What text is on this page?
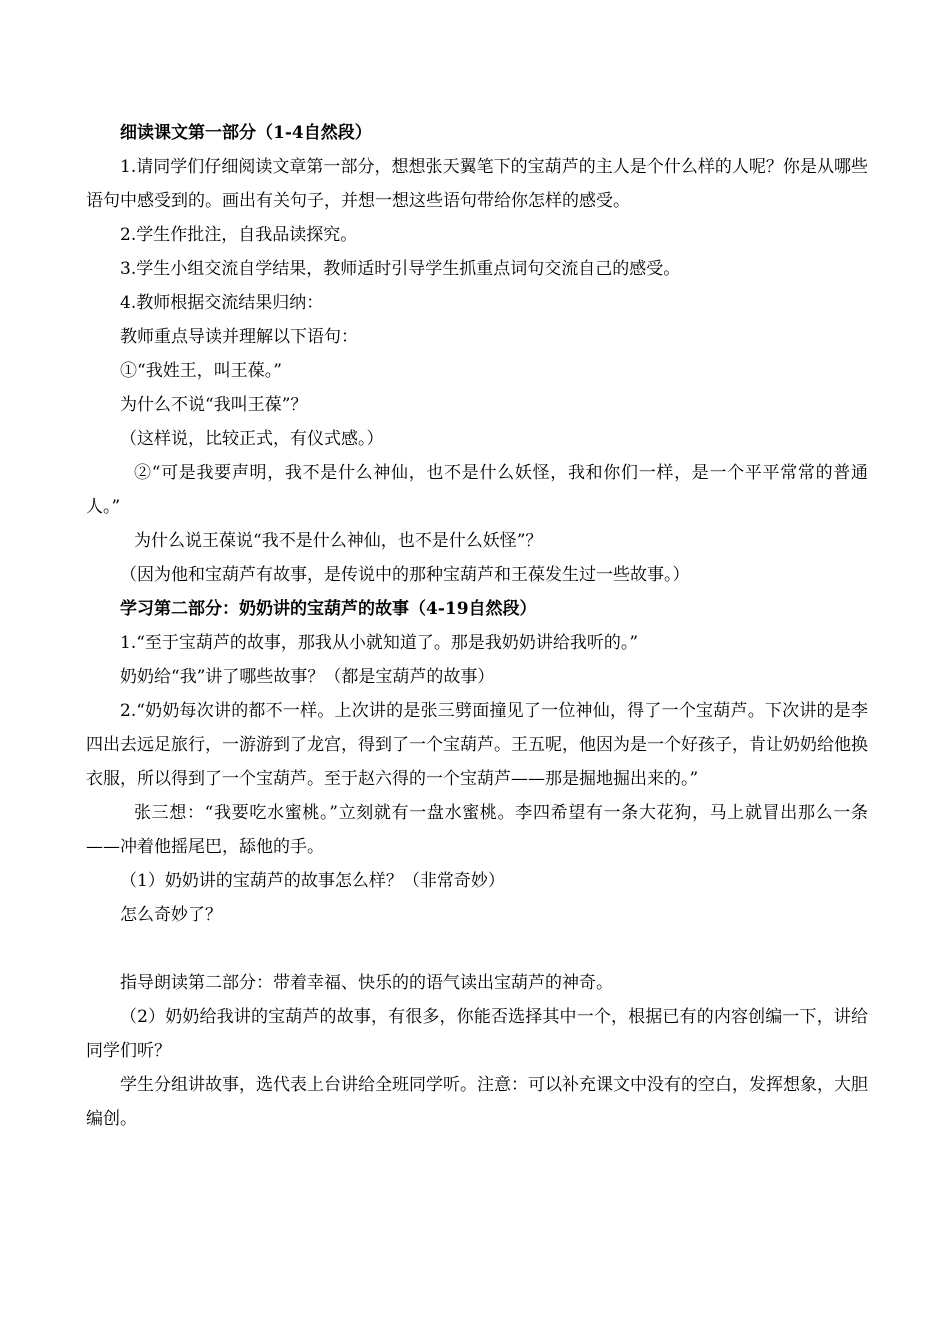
细读课文第一部分（1-4自然段）

1.请同学们仔细阅读文章第一部分，想想张天翼笔下的宝葫芦的主人是个什么样的人呢？你是从哪些语句中感受到的。画出有关句子，并想一想这些语句带给你怎样的感受。

2.学生作批注，自我品读探究。

3.学生小组交流自学结果，教师适时引导学生抓重点词句交流自己的感受。

4.教师根据交流结果归纳：

教师重点导读并理解以下语句：

①“我姓王，叫王葆。”

为什么不说“我叫王葆”？

（这样说，比较正式，有仪式感。）

②“可是我要声明，我不是什么神仙，也不是什么妖怪，我和你们一样，是一个平平常常的普通人。”

为什么说王葆说“我不是什么神仙，也不是什么妖怪”？

（因为他和宝葫芦有故事，是传说中的那种宝葫芦和王葆发生过一些故事。）

学习第二部分：奶奶讲的宝葫芦的故事（4-19自然段）

1.“至于宝葫芦的故事，那我从小就知道了。那是我奶奶讲给我听的。”

奶奶给“我”讲了哪些故事？（都是宝葫芦的故事）

2.“奶奶每次讲的都不一样。上次讲的是张三劈面撞见了一位神仙，得了一个宝葫芦。下次讲的是李四出去远足旅行，一游游到了龙宫，得到了一个宝葫芦。王五呢，他因为是一个好孩子，肯让奶奶给他换衣服，所以得到了一个宝葫芦。至于赵六得的一个宝葫芦——那是掘地掘出来的。”

张三想：“我要吃水蜜桃。”立刻就有一盘水蜜桃。李四希望有一条大花狗，马上就冒出那么一条——冲着他摇尾巴，舔他的手。

（1）奶奶讲的宝葫芦的故事怎么样？（非常奇妙）

怎么奇妙了？

指导朗读第二部分：带着幸福、快乐的的语气读出宝葫芦的神奇。

（2）奶奶给我讲的宝葫芦的故事，有很多，你能否选择其中一个，根据已有的内容创编一下，讲给同学们听？

学生分组讲故事，选代表上台讲给全班同学听。注意：可以补充课文中没有的空白，发挥想象，大胆编创。
